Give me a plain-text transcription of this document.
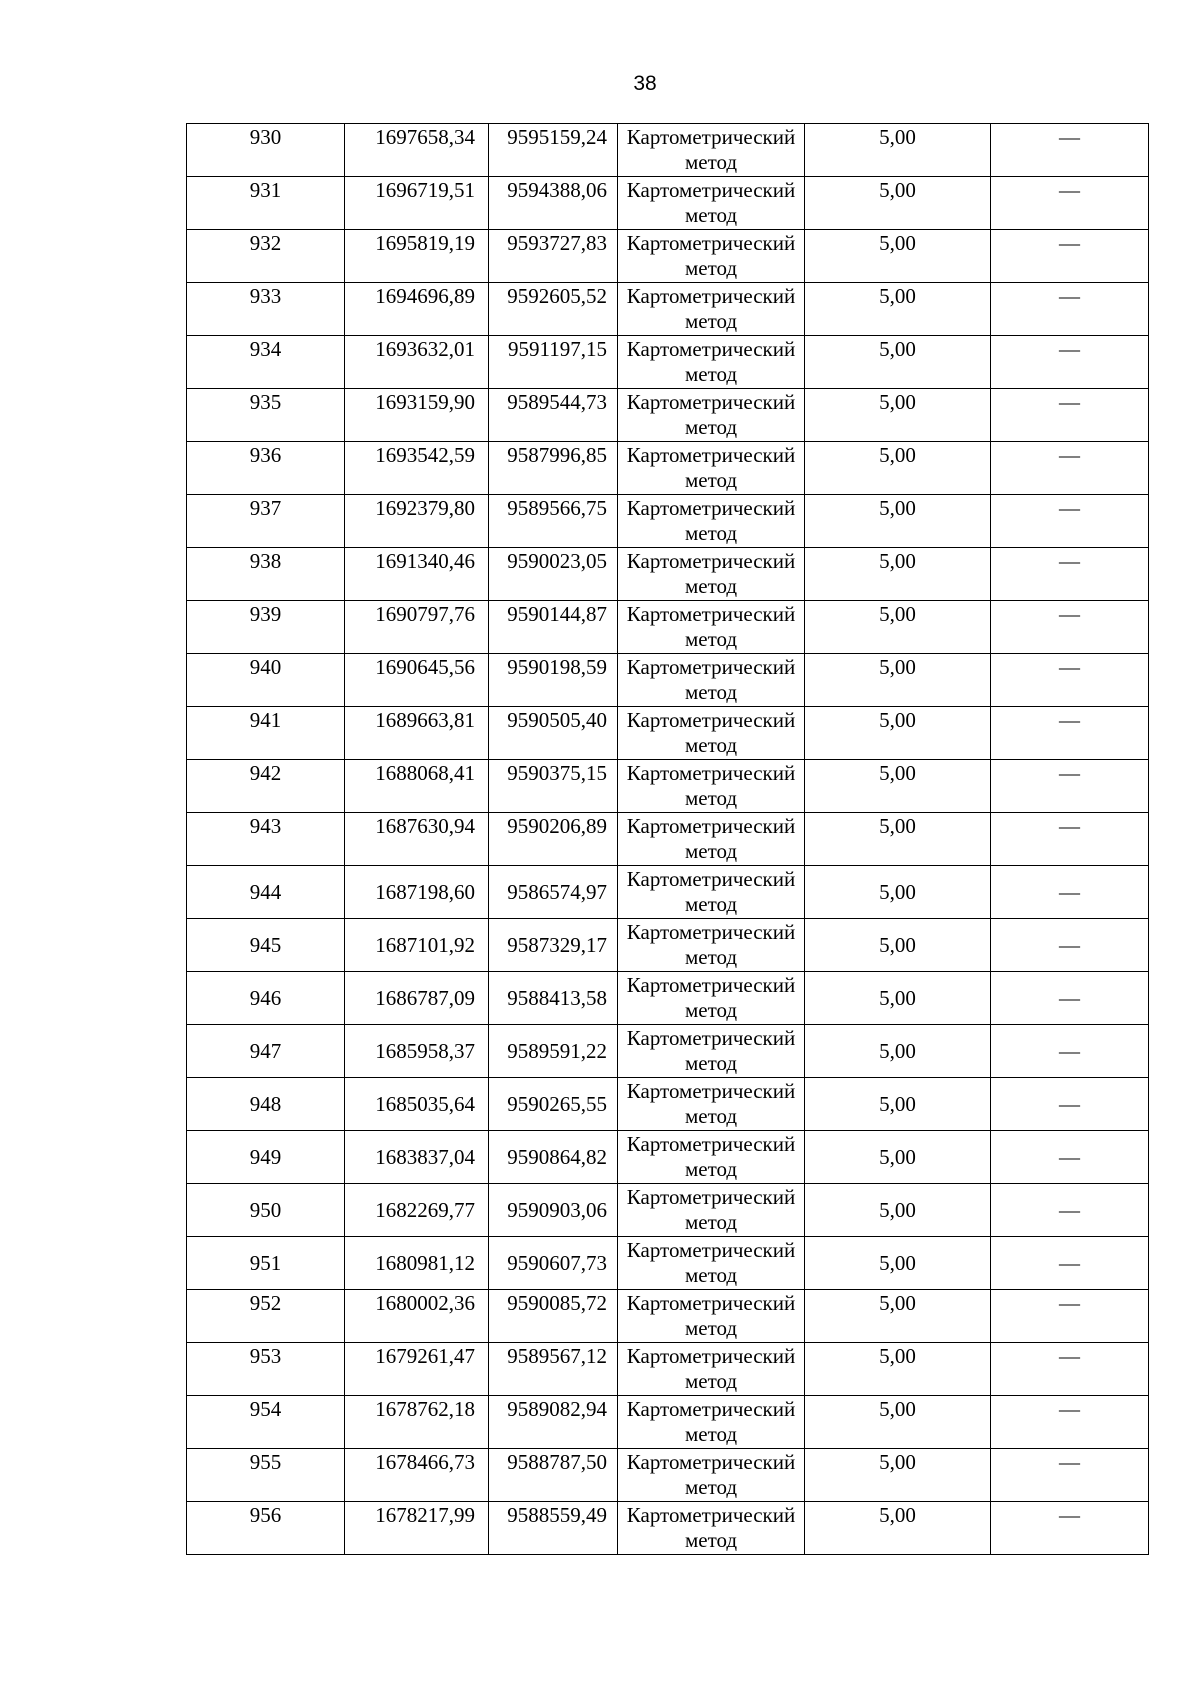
38
930	1697658,34	9595159,24	Картометрический метод	5,00	—
931	1696719,51	9594388,06	Картометрический метод	5,00	—
932	1695819,19	9593727,83	Картометрический метод	5,00	—
933	1694696,89	9592605,52	Картометрический метод	5,00	—
934	1693632,01	9591197,15	Картометрический метод	5,00	—
935	1693159,90	9589544,73	Картометрический метод	5,00	—
936	1693542,59	9587996,85	Картометрический метод	5,00	—
937	1692379,80	9589566,75	Картометрический метод	5,00	—
938	1691340,46	9590023,05	Картометрический метод	5,00	—
939	1690797,76	9590144,87	Картометрический метод	5,00	—
940	1690645,56	9590198,59	Картометрический метод	5,00	—
941	1689663,81	9590505,40	Картометрический метод	5,00	—
942	1688068,41	9590375,15	Картометрический метод	5,00	—
943	1687630,94	9590206,89	Картометрический метод	5,00	—
944	1687198,60	9586574,97	Картометрический метод	5,00	—
945	1687101,92	9587329,17	Картометрический метод	5,00	—
946	1686787,09	9588413,58	Картометрический метод	5,00	—
947	1685958,37	9589591,22	Картометрический метод	5,00	—
948	1685035,64	9590265,55	Картометрический метод	5,00	—
949	1683837,04	9590864,82	Картометрический метод	5,00	—
950	1682269,77	9590903,06	Картометрический метод	5,00	—
951	1680981,12	9590607,73	Картометрический метод	5,00	—
952	1680002,36	9590085,72	Картометрический метод	5,00	—
953	1679261,47	9589567,12	Картометрический метод	5,00	—
954	1678762,18	9589082,94	Картометрический метод	5,00	—
955	1678466,73	9588787,50	Картометрический метод	5,00	—
956	1678217,99	9588559,49	Картометрический метод	5,00	—
